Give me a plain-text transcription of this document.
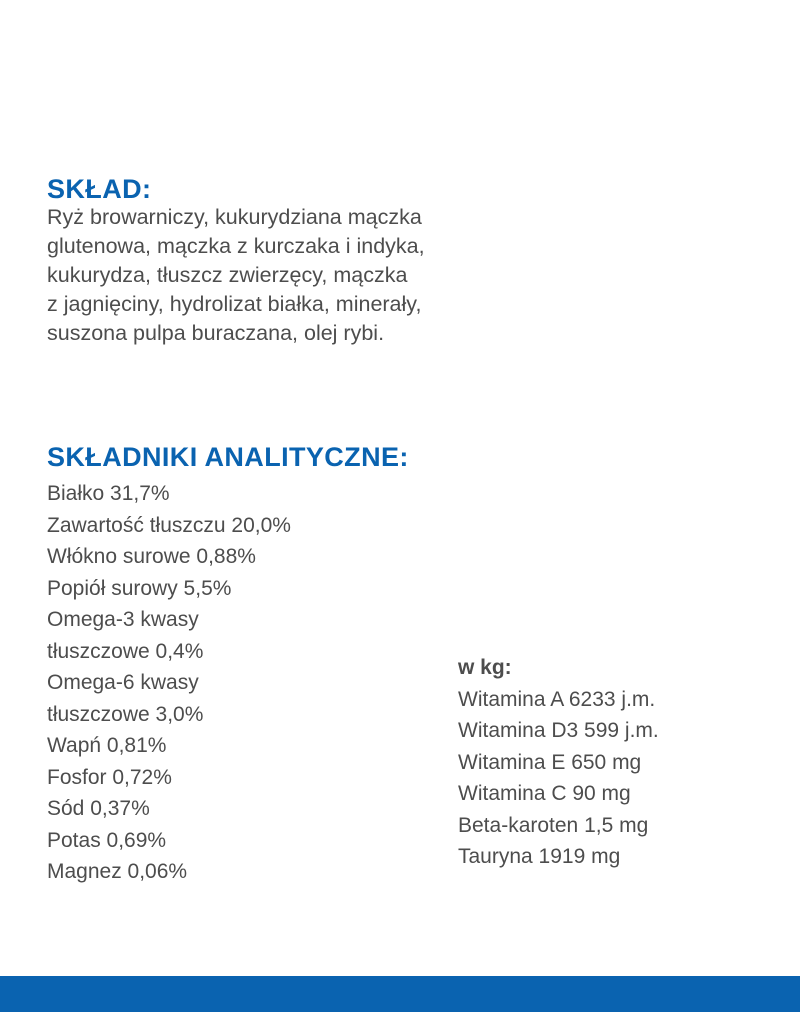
SKŁAD:
Ryż browarniczy, kukurydziana mączka
glutenowa, mączka z kurczaka i indyka,
kukurydza, tłuszcz zwierzęcy, mączka
z jagnięciny, hydrolizat białka, minerały,
suszona pulpa buraczana, olej rybi.
SKŁADNIKI ANALITYCZNE:
Białko 31,7%
Zawartość tłuszczu 20,0%
Włókno surowe 0,88%
Popiół surowy 5,5%
Omega-3 kwasy
tłuszczowe 0,4%
Omega-6 kwasy
tłuszczowe 3,0%
Wapń 0,81%
Fosfor 0,72%
Sód 0,37%
Potas 0,69%
Magnez 0,06%
w kg:
Witamina A 6233 j.m.
Witamina D3 599 j.m.
Witamina E 650 mg
Witamina C 90 mg
Beta-karoten 1,5 mg
Tauryna 1919 mg
